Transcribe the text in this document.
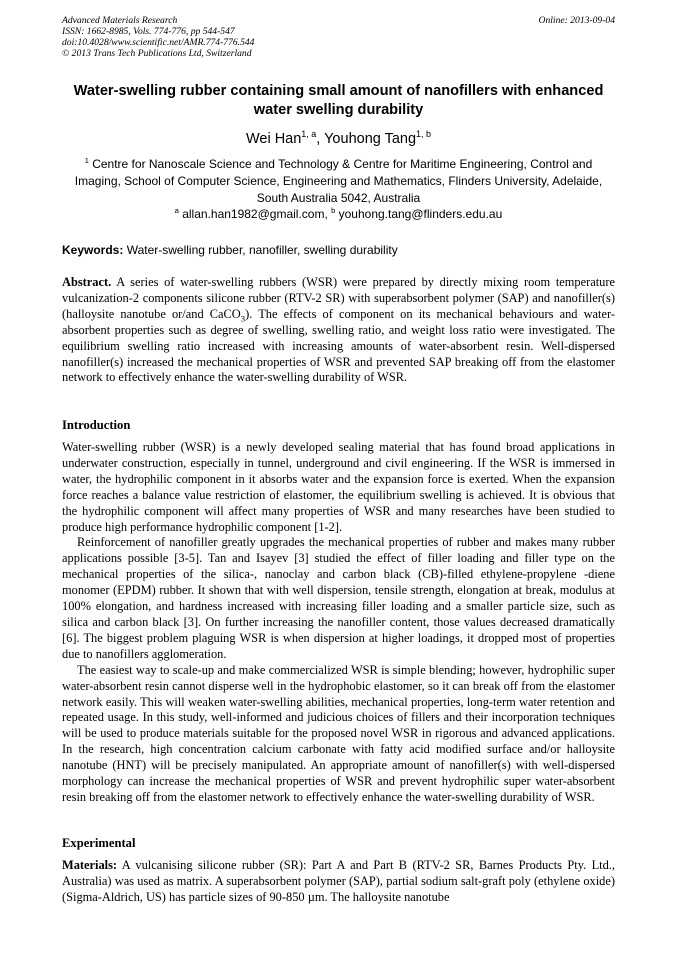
Advanced Materials Research
ISSN: 1662-8985, Vols. 774-776, pp 544-547
doi:10.4028/www.scientific.net/AMR.774-776.544
© 2013 Trans Tech Publications Ltd, Switzerland
Online: 2013-09-04
Water-swelling rubber containing small amount of nanofillers with enhanced water swelling durability
Wei Han$^{1, a}$, Youhong Tang$^{1, b}$
$^1$ Centre for Nanoscale Science and Technology & Centre for Maritime Engineering, Control and Imaging, School of Computer Science, Engineering and Mathematics, Flinders University, Adelaide, South Australia 5042, Australia
$^a$ allan.han1982@gmail.com, $^b$ youhong.tang@flinders.edu.au
Keywords: Water-swelling rubber, nanofiller, swelling durability

Abstract. A series of water-swelling rubbers (WSR) were prepared by directly mixing room temperature vulcanization-2 components silicone rubber (RTV-2 SR) with superabsorbent polymer (SAP) and nanofiller(s) (halloysite nanotube or/and CaCO$_3$). The effects of component on its mechanical behaviours and water-absorbent properties such as degree of swelling, swelling ratio, and weight loss ratio were investigated. The equilibrium swelling ratio increased with increasing amounts of water-absorbent resin. Well-dispersed nanofiller(s) increased the mechanical properties of WSR and prevented SAP breaking off from the elastomer network to effectively enhance the water-swelling durability of WSR.

Introduction

Water-swelling rubber (WSR) is a newly developed sealing material that has found broad applications in underwater construction, especially in tunnel, underground and civil engineering. If the WSR is immersed in water, the hydrophilic component in it absorbs water and the expansion force is exerted. When the expansion force reaches a balance value restriction of elastomer, the equilibrium swelling is achieved. It is obvious that the hydrophilic component will affect many properties of WSR and many researches have been studied to produce high performance hydrophilic component [1-2].

Reinforcement of nanofiller greatly upgrades the mechanical properties of rubber and makes many rubber applications possible [3-5]. Tan and Isayev [3] studied the effect of filler loading and filler type on the mechanical properties of the silica-, nanoclay and carbon black (CB)-filled ethylene-propylene -diene monomer (EPDM) rubber. It shown that with well dispersion, tensile strength, elongation at break, modulus at 100% elongation, and hardness increased with increasing filler loading and a smaller particle size, such as silica and carbon black [3]. On further increasing the nanofiller content, those values decreased dramatically [6]. The biggest problem plaguing WSR is when dispersion at higher loadings, it dropped most of properties due to nanofillers agglomeration.

The easiest way to scale-up and make commercialized WSR is simple blending; however, hydrophilic super water-absorbent resin cannot disperse well in the hydrophobic elastomer, so it can break off from the elastomer network easily. This will weaken water-swelling abilities, mechanical properties, long-term water retention and repeated usage. In this study, well-informed and judicious choices of fillers and their incorporation techniques will be used to produce materials suitable for the proposed novel WSR in rigorous and advanced applications. In the research, high concentration calcium carbonate with fatty acid modified surface and/or halloysite nanotube (HNT) will be precisely manipulated. An appropriate amount of nanofiller(s) with well-dispersed morphology can increase the mechanical properties of WSR and prevent hydrophilic super water-absorbent resin breaking off from the elastomer network to effectively enhance the water-swelling durability of WSR.

Experimental

Materials: A vulcanising silicone rubber (SR): Part A and Part B (RTV-2 SR, Barnes Products Pty. Ltd., Australia) was used as matrix. A superabsorbent polymer (SAP), partial sodium salt-graft poly (ethylene oxide) (Sigma-Aldrich, US) has particle sizes of 90-850 µm. The halloysite nanotube
